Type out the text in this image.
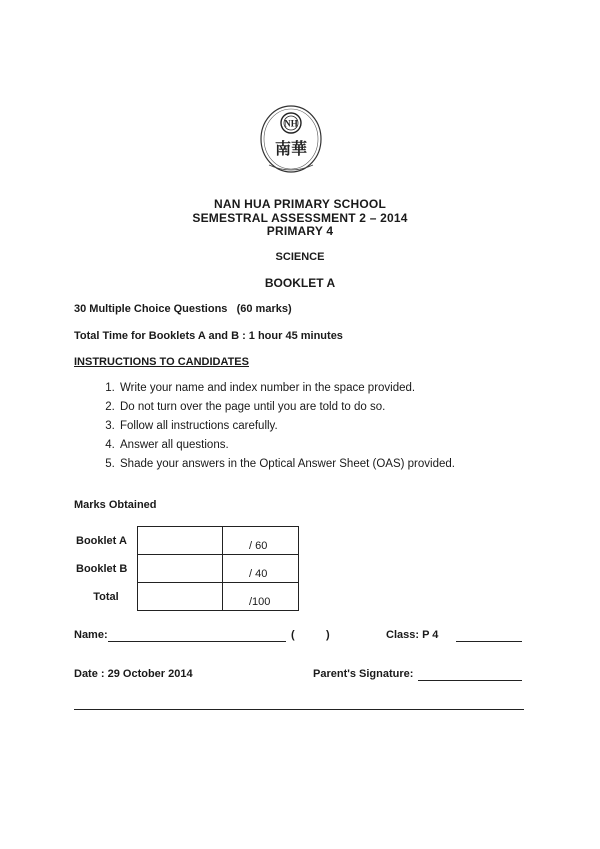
NH
南華
NAN HUA PRIMARY SCHOOL
SEMESTRAL ASSESSMENT 2 – 2014
PRIMARY 4
SCIENCE
BOOKLET A
30 Multiple Choice Questions (60 marks)
Total Time for Booklets A and B : 1 hour 45 minutes
INSTRUCTIONS TO CANDIDATES
1. Write your name and index number in the space provided.
2. Do not turn over the page until you are told to do so.
3. Follow all instructions carefully.
4. Answer all questions.
5. Shade your answers in the Optical Answer Sheet (OAS) provided.
Marks Obtained
Booklet A		/ 60
Booklet B		/ 40
Total		/100
Name:	(	)	Class: P 4
Date : 29 October 2014	Parent's Signature:
